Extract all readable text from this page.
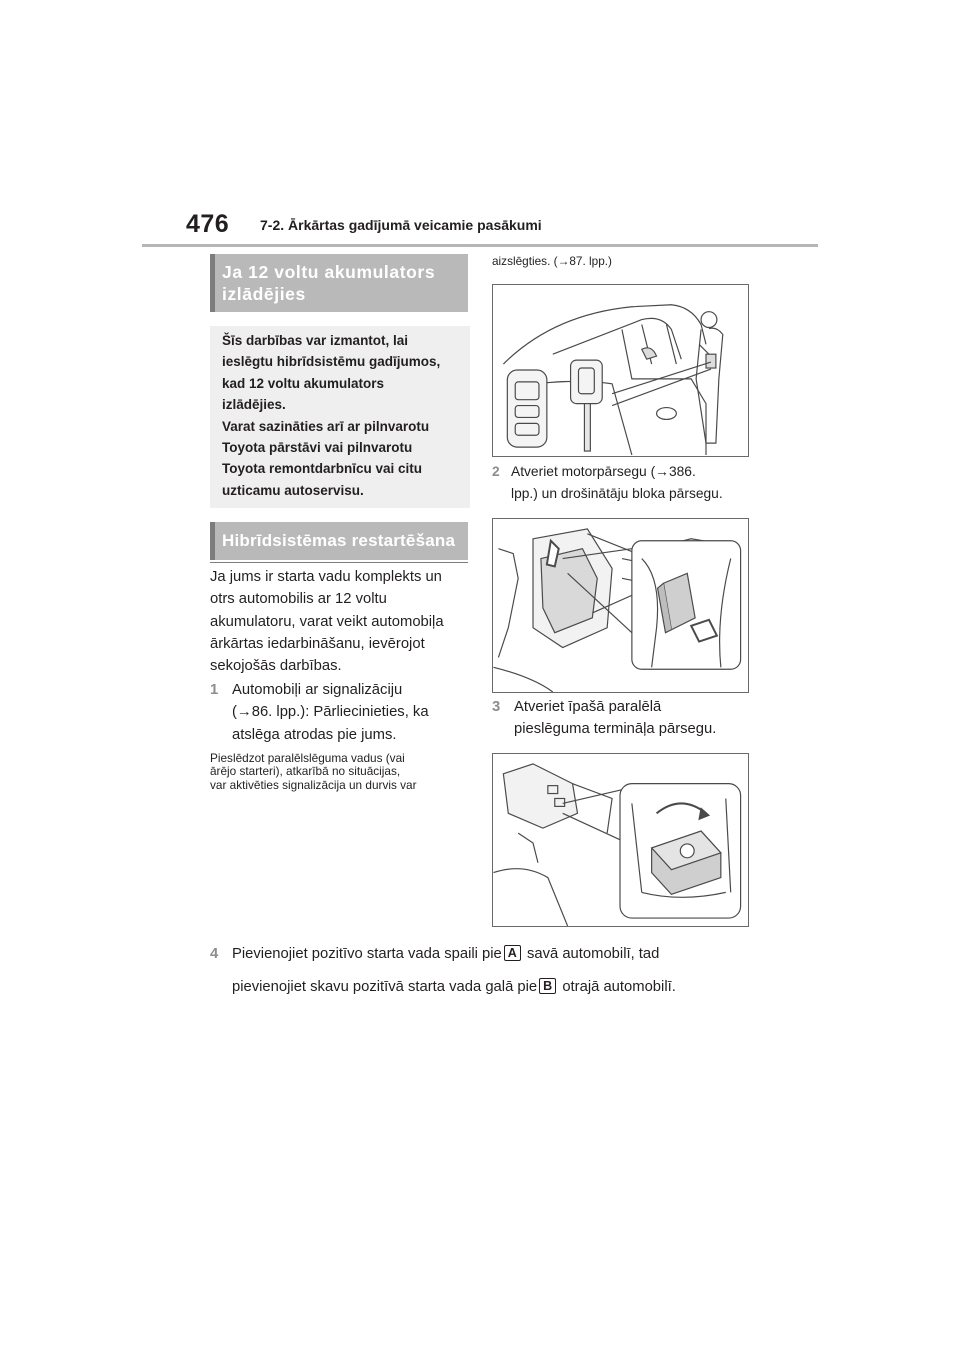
476 7-2. Ārkārtas gadījumā veicamie pasākumi
Ja 12 voltu akumulators izlādējies
Šīs darbības var izmantot, lai
ieslēgtu hibrīdsistēmu gadījumos,
kad 12 voltu akumulators
izlādējies.
Varat sazināties arī ar pilnvarotu
Toyota pārstāvi vai pilnvarotu
Toyota remontdarbnīcu vai citu
uzticamu autoservisu.
Hibrīdsistēmas restartēšana
Ja jums ir starta vadu komplekts un
otrs automobilis ar 12 voltu
akumulatoru, varat veikt automobiļa
ārkārtas iedarbināšanu, ievērojot
sekojošās darbības.
1 Automobiļi ar signalizāciju
(→86. lpp.): Pārliecinieties, ka
atslēga atrodas pie jums.
Pieslēdzot paralēlslēguma vadus (vai
ārējo starteri), atkarībā no situācijas,
var aktivēties signalizācija un durvis var
aizslēgties. (→87. lpp.)
2 Atveriet motorpārsegu (→386.
lpp.) un drošinātāju bloka pārsegu.
3 Atveriet īpašā paralēlā
pieslēguma termināļa pārsegu.
4 Pievienojiet pozitīvo starta vada spaili pie A savā automobilī, tad
pievienojiet skavu pozitīvā starta vada galā pie B otrajā automobilī.
